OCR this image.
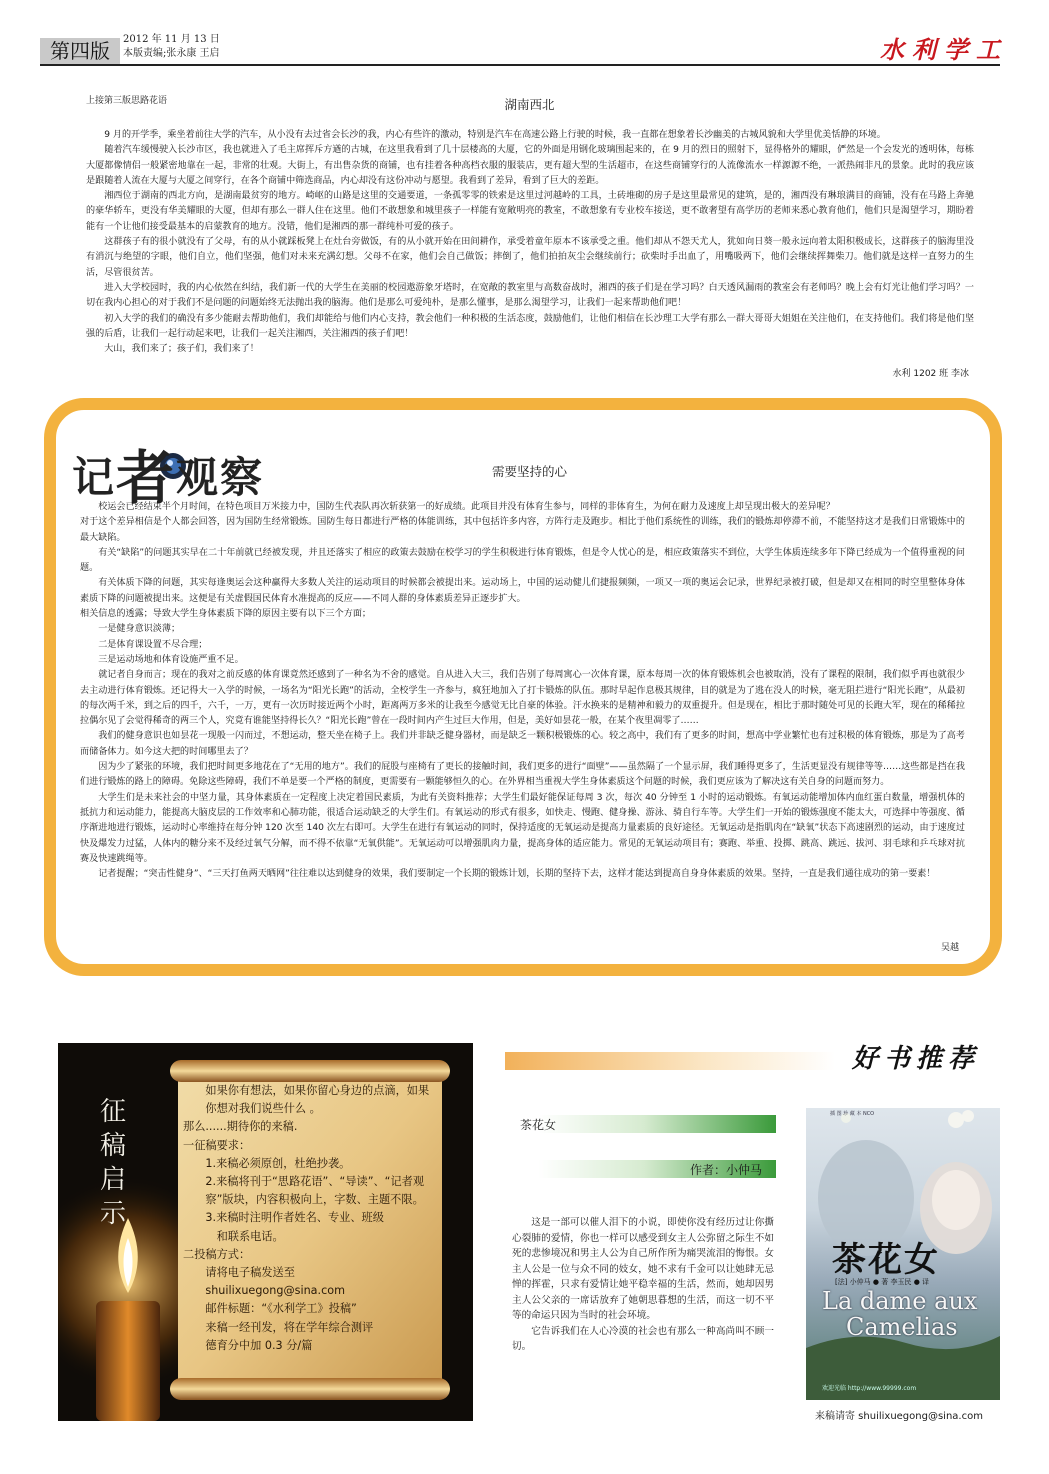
第四版	2012 年 11 月 13 日
本版责编;张永康 王启	水利学工
上接第三版思路花语	湖南西北

9 月的开学季，乘坐着前往大学的汽车，从小没有去过省会长沙的我，内心有些许的激动，特别是汽车在高速公路上行驶的时候，我一直都在想象着长沙幽美的古城风貌和大学里优美恬静的环境。

随着汽车缓慢驶入长沙市区，我也就进入了毛主席挥斥方遒的古城，在这里我看到了几十层楼高的大厦，它的外面是用钢化玻璃围起来的，在 9 月的烈日的照射下，显得格外的耀眼，俨然是一个会发光的透明体，每栋大厦都像情侣一般紧密地靠在一起，非常的壮观。大街上，有出售杂货的商铺，也有挂着各种高档衣服的服装店，更有超大型的生活超市，在这些商铺穿行的人流像流水一样源源不绝，一派热闹非凡的景象。此时的我应该是跟随着人流在大厦与大厦之间穿行，在各个商铺中筛选商品，内心却没有这份冲动与愿望。我看到了差异，看到了巨大的差距。

湘西位于湖南的西北方向，是湖南最贫穷的地方。崎岖的山路是这里的交通要道，一条孤零零的铁索是这里过河越岭的工具，土砖堆砌的房子是这里最常见的建筑，是的，湘西没有琳琅满目的商铺，没有在马路上奔驰的豪华轿车，更没有华美耀眼的大厦，但却有那么一群人住在这里。他们不敢想象和城里孩子一样能有宽敞明亮的教室，不敢想象有专业校车接送，更不敢奢望有高学历的老师来悉心教育他们，他们只是渴望学习，期盼着能有一个让他们接受最基本的启蒙教育的地方。没错，他们是湘西的那一群纯朴可爱的孩子。

这群孩子有的很小就没有了父母，有的从小就踩板凳上在灶台旁做饭，有的从小就开始在田间耕作，承受着童年原本不该承受之重。他们却从不怨天尤人，犹如向日葵一般永远向着太阳积极成长，这群孩子的脑海里没有消沉与绝望的字眼，他们自立，他们坚强，他们对未来充满幻想。父母不在家，他们会自己做饭；摔倒了，他们拍拍灰尘会继续前行；砍柴时手出血了，用嘴吸两下，他们会继续挥舞柴刀。他们就是这样一直努力的生活，尽管很贫苦。

进入大学校园时，我的内心依然在纠结，我们新一代的大学生在美丽的校园遨游象牙塔时，在宽敞的教室里与高数奋战时，湘西的孩子们是在学习吗？白天透风漏雨的教室会有老师吗？晚上会有灯光让他们学习吗？一切在我内心担心的对于我们不是问题的问题始终无法抛出我的脑海。他们是那么可爱纯朴，是那么懂事，是那么渴望学习，让我们一起来帮助他们吧！

初入大学的我们的确没有多少能耐去帮助他们，我们却能给与他们内心支持，教会他们一种积极的生活态度，鼓励他们，让他们相信在长沙理工大学有那么一群大哥哥大姐姐在关注他们，在支持他们。我们将是他们坚强的后盾，让我们一起行动起来吧，让我们一起关注湘西，关注湘西的孩子们吧！

大山，我们来了；孩子们，我们来了！

水利 1202 班 李冰
记者观察	需要坚持的心

校运会已经结束半个月时间，在特色项目万米接力中，国防生代表队再次斩获第一的好成绩。此项目并没有体育生参与，同样的非体育生，为何在耐力及速度上却呈现出极大的差异呢？

对于这个差异相信是个人都会回答，因为国防生经常锻炼。国防生每日都进行严格的体能训练，其中包括许多内容，方阵行走及跑步。相比于他们系统性的训练，我们的锻炼却停滞不前，不能坚持这才是我们日常锻炼中的最大缺陷。

有关“缺陷”的问题其实早在二十年前就已经被发现，并且还落实了相应的政策去鼓励在校学习的学生积极进行体育锻炼，但是令人忧心的是，相应政策落实不到位，大学生体质连续多年下降已经成为一个值得重视的问题。

有关体质下降的问题，其实每逢奥运会这种赢得大多数人关注的运动项目的时候都会被提出来。运动场上，中国的运动健儿们捷报频频，一项又一项的奥运会记录，世界纪录被打破，但是却又在相同的时空里整体身体素质下降的问题被提出来。这便是有关虚假国民体育水准提高的反应——不同人群的身体素质差异正逐步扩大。

相关信息的透露；导致大学生身体素质下降的原因主要有以下三个方面；

一是健身意识淡薄；

二是体育课设置不尽合理；

三是运动场地和体育设施严重不足。

就记者自身而言；现在的我对之前反感的体育课竟然还感到了一种名为不舍的感觉。自从进入大三，我们告别了每周寓心一次体育课，原本每周一次的体育锻炼机会也被取消，没有了课程的限制，我们似乎再也就很少去主动进行体育锻炼。还记得大一入学的时候，一场名为“阳光长跑”的活动，全校学生一齐参与，疯狂地加入了打卡锻炼的队伍。那时早起作息极其规律，目的就是为了逃在没人的时候，毫无阻拦进行“阳光长跑”，从最初的每次两千米，到之后的四千，六千，一万，更有一次历时接近两个小时，距离两万多米的让我至今感觉无比自豪的体验。汗水换来的是精神和毅力的双重提升。但是现在，相比于那时随处可见的长跑大军，现在的稀稀拉拉偶尔见了会觉得稀奇的两三个人，究竟有谁能坚持得长久？“阳光长跑”曾在一段时间内产生过巨大作用，但是，美好如昙花一般，在某个夜里凋零了……

我们的健身意识也如昙花一现般一闪而过，不想运动，整天坐在椅子上。我们并非缺乏健身器材，而是缺乏一颗积极锻炼的心。较之高中，我们有了更多的时间，想高中学业繁忙也有过积极的体育锻炼，那是为了高考而储备体力。如今这大把的时间哪里去了？

因为少了紧张的环境，我们把时间更多地花在了“无用的地方”。我们的屁股与座椅有了更长的接触时间，我们更多的进行“面壁”——虽然隔了一个显示屏，我们睡得更多了，生活更显没有规律等等……这些都是挡在我们进行锻炼的路上的障碍。免除这些障碍，我们不单是要一个严格的制度，更需要有一颗能够恒久的心。在外界相当重视大学生身体素质这个问题的时候，我们更应该为了解决这有关自身的问题而努力。

大学生们是未来社会的中坚力量，其身体素质在一定程度上决定着国民素质，为此有关资料推荐；大学生们最好能保证每周 3 次，每次 40 分钟至 1 小时的运动锻炼。有氧运动能增加体内血红蛋白数量，增强机体的抵抗力和运动能力，能提高大脑皮层的工作效率和心肺功能，很适合运动缺乏的大学生们。有氧运动的形式有很多，如快走、慢跑、健身操、游泳、骑自行车等。大学生们一开始的锻炼强度不能太大，可选择中等强度、循序渐进地进行锻炼，运动时心率维持在每分钟 120 次至 140 次左右即可。大学生在进行有氧运动的同时，保持适度的无氧运动是提高力量素质的良好途径。无氧运动是指肌肉在“缺氧”状态下高速剧烈的运动，由于速度过快及爆发力过猛，人体内的糖分来不及经过氧气分解，而不得不依靠“无氧供能”。无氧运动可以增强肌肉力量，提高身体的适应能力。常见的无氧运动项目有；赛跑、举重、投掷、跳高、跳远、拔河、羽毛球和乒乓球对抗赛及快速跳绳等。

记者提醒；“突击性健身”、“三天打鱼两天晒网”往往难以达到健身的效果，我们要制定一个长期的锻炼计划，长期的坚持下去，这样才能达到提高自身身体素质的效果。坚持，一直是我们通往成功的第一要素！

吴越
征
稿
启
示
如果你有想法，如果你留心身边的点滴，如果你想对我们说些什么 。
那么......期待你的来稿.
一征稿要求：
1.来稿必须原创，杜绝抄袭。
2.来稿将刊于“思路花语”、“导读”、“记者观察”版块，内容积极向上，字数、主题不限。
3.来稿时注明作者姓名、专业、班级
和联系电话。
二投稿方式：
请将电子稿发送至 shuilixuegong@sina.com
邮件标题：“《水利学工》投稿”
来稿一经刊发，将在学年综合测评
德育分中加 0.3 分/篇
好书推荐
茶花女
作者：小仲马

这是一部可以催人泪下的小说，即使你没有经历过让你撕心裂肺的爱情，你也一样可以感受到女主人公弥留之际生不如死的悲惨境况和男主人公为自己所作所为痛哭流泪的悔恨。女主人公是一位与众不同的妓女，她不求有千金可以让她肆无忌惮的挥霍，只求有爱情让她平稳幸福的生活，然而，她却因男主人公父亲的一席话放弃了她朝思暮想的生活，而这一切不平等的命运只因为当时的社会环境。

它告诉我们在人心冷漠的社会也有那么一种高尚叫不顾一切。

插 图 珍 藏 本 NCO
茶花女
[法] 小仲马 ● 著 李玉民 ● 译
La dame aux
Camelias
欢迎光临 http://www.99999.com
来稿请寄 shuilixuegong@sina.com
